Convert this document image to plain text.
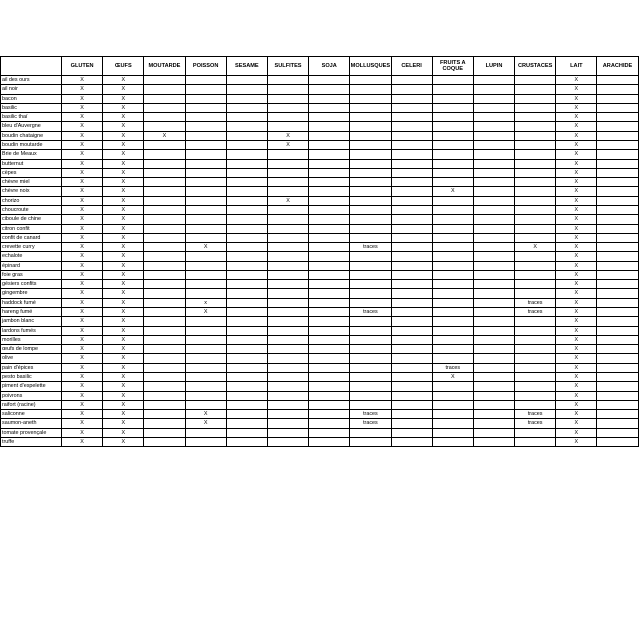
	GLUTEN	ŒUFS	MOUTARDE	POISSON	SESAME	SULFITES	SOJA	MOLLUSQUES	CELERI	FRUITS A COQUE	LUPIN	CRUSTACES	LAIT	ARACHIDE
ail des ours	X	X											X	
ail noir	X	X											X	
bacon	X	X											X	
basilic	X	X											X	
basilic thaï	X	X											X	
bleu d'Auvergne	X	X											X	
boudin chataigne	X	X	X			X							X	
boudin moutarde	X	X				X							X	
Brie de Meaux	X	X											X	
butternut	X	X											X	
cèpes	X	X											X	
chèvre miel	X	X											X	
chèvre noix	X	X								X			X	
chorizo	X	X				X							X	
choucroute	X	X											X	
ciboule de chine	X	X											X	
citron confit	X	X											X	
confit de canard	X	X											X	
crevette curry	X	X		X				traces				X	X	
echalote	X	X											X	
épinard	X	X											X	
foie gras	X	X											X	
gésiers confits	X	X											X	
gingembre	X	X											X	
haddock fumé	X	X		x								traces	X	
hareng fumé	X	X		X				traces				traces	X	
jambon blanc	X	X											X	
lardons fumés	X	X											X	
morilles	X	X											X	
œufs de lompe	X	X											X	
olive	X	X											X	
pain d'épices	X	X								traces			X	
pesto basilic	X	X								X			X	
piment d'espelette	X	X											X	
poivrons	X	X											X	
raifort (racine)	X	X											X	
saliconne	X	X		X				traces				traces	X	
saumon-aneth	X	X		X				traces				traces	X	
tomate provençale	X	X											X	
truffe	X	X											X	
